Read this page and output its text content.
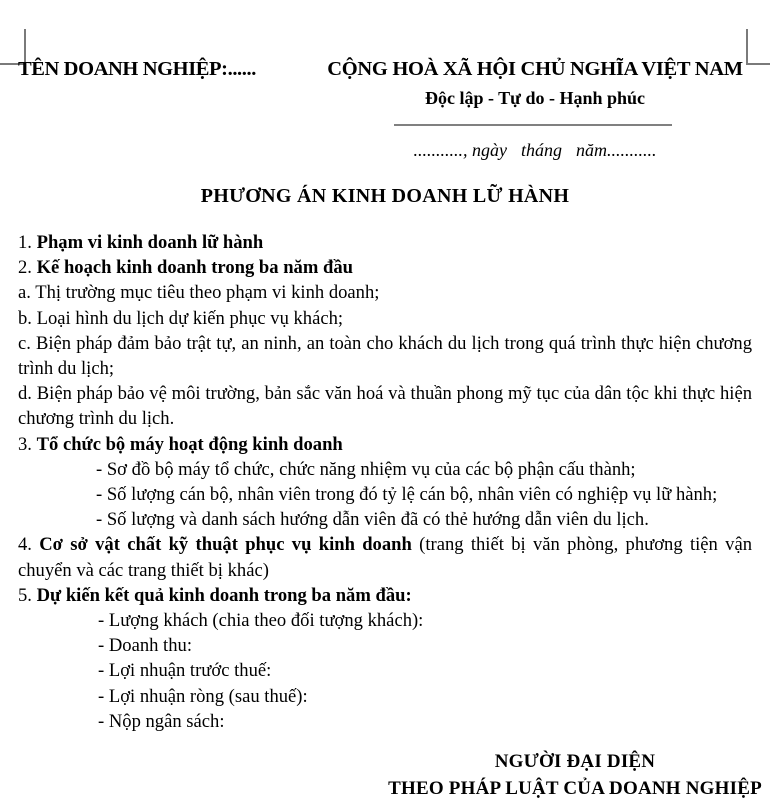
TÊN DOANH NGHIỆP:......	CỘNG HOÀ XÃ HỘI CHỦ NGHĨA VIỆT NAM
Độc lập - Tự do - Hạnh phúc
..........., ngày tháng năm...........
PHƯƠNG ÁN KINH DOANH LỮ HÀNH

1. Phạm vi kinh doanh lữ hành

2. Kế hoạch kinh doanh trong ba năm đầu

a. Thị trường mục tiêu theo phạm vi kinh doanh;

b. Loại hình du lịch dự kiến phục vụ khách;

c. Biện pháp đảm bảo trật tự, an ninh, an toàn cho khách du lịch trong quá trình thực hiện chương trình du lịch;

d. Biện pháp bảo vệ môi trường, bản sắc văn hoá và thuần phong mỹ tục của dân tộc khi thực hiện chương trình du lịch.

3. Tổ chức bộ máy hoạt động kinh doanh

- Sơ đồ bộ máy tổ chức, chức năng nhiệm vụ của các bộ phận cấu thành;

- Số lượng cán bộ, nhân viên trong đó tỷ lệ cán bộ, nhân viên có nghiệp vụ lữ hành;

- Số lượng và danh sách hướng dẫn viên đã có thẻ hướng dẫn viên du lịch.

4. Cơ sở vật chất kỹ thuật phục vụ kinh doanh (trang thiết bị văn phòng, phương tiện vận chuyển và các trang thiết bị khác)

5. Dự kiến kết quả kinh doanh trong ba năm đầu:

- Lượng khách (chia theo đối tượng khách):

- Doanh thu:

- Lợi nhuận trước thuế:

- Lợi nhuận ròng (sau thuế):

- Nộp ngân sách:

NGƯỜI ĐẠI DIỆN
THEO PHÁP LUẬT CỦA DOANH NGHIỆP
